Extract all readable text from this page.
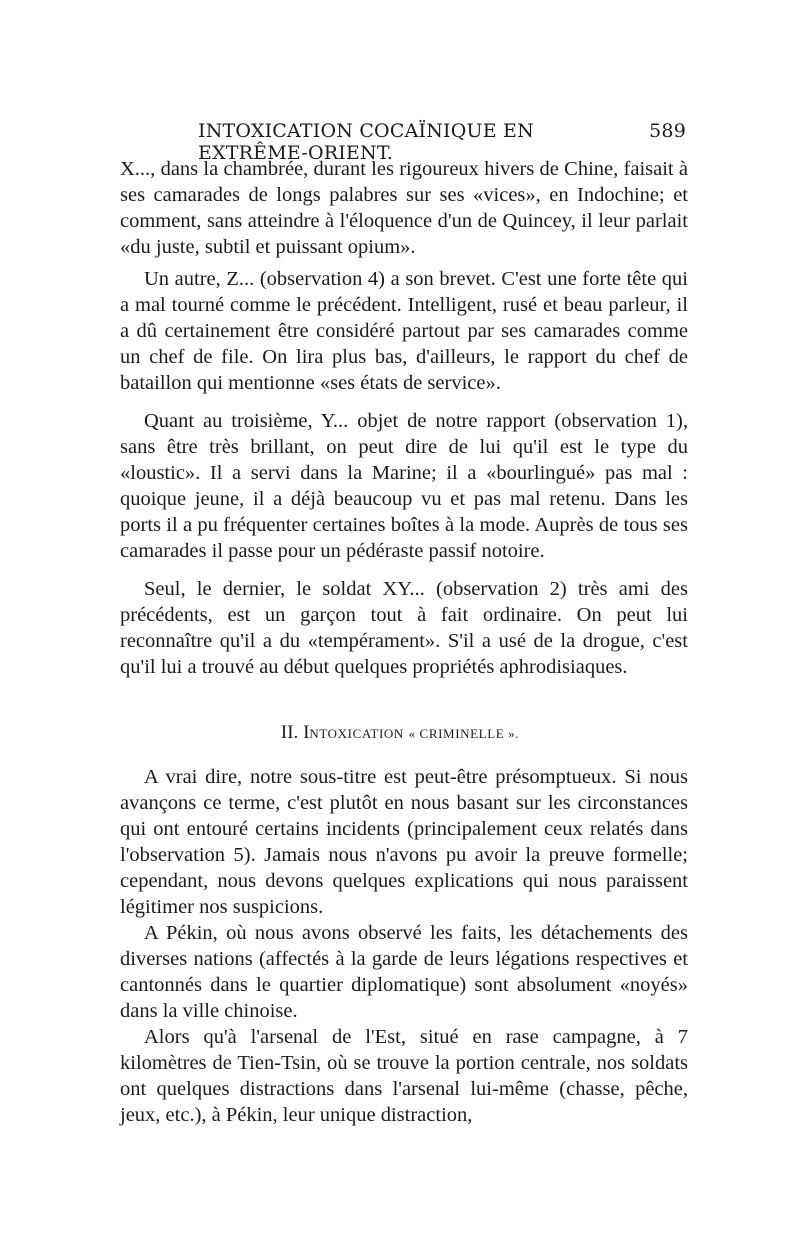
INTOXICATION COCAÏNIQUE EN EXTRÊME-ORIENT.
589

X..., dans la chambrée, durant les rigoureux hivers de Chine, faisait à ses camarades de longs palabres sur ses «vices», en Indochine; et comment, sans atteindre à l'éloquence d'un de Quincey, il leur parlait «du juste, subtil et puissant opium».

Un autre, Z... (observation 4) a son brevet. C'est une forte tête qui a mal tourné comme le précédent. Intelligent, rusé et beau parleur, il a dû certainement être considéré partout par ses camarades comme un chef de file. On lira plus bas, d'ailleurs, le rapport du chef de bataillon qui mentionne «ses états de service».

Quant au troisième, Y... objet de notre rapport (observation 1), sans être très brillant, on peut dire de lui qu'il est le type du «loustic». Il a servi dans la Marine; il a «bourlingué» pas mal : quoique jeune, il a déjà beaucoup vu et pas mal retenu. Dans les ports il a pu fréquenter certaines boîtes à la mode. Auprès de tous ses camarades il passe pour un pédéraste passif notoire.

Seul, le dernier, le soldat XY... (observation 2) très ami des précédents, est un garçon tout à fait ordinaire. On peut lui reconnaître qu'il a du «tempérament». S'il a usé de la drogue, c'est qu'il lui a trouvé au début quelques propriétés aphrodisiaques.

II. INTOXICATION « CRIMINELLE ».

A vrai dire, notre sous-titre est peut-être présomptueux. Si nous avançons ce terme, c'est plutôt en nous basant sur les circonstances qui ont entouré certains incidents (principalement ceux relatés dans l'observation 5). Jamais nous n'avons pu avoir la preuve formelle; cependant, nous devons quelques explications qui nous paraissent légitimer nos suspicions.

A Pékin, où nous avons observé les faits, les détachements des diverses nations (affectés à la garde de leurs légations respectives et cantonnés dans le quartier diplomatique) sont absolument «noyés» dans la ville chinoise.

Alors qu'à l'arsenal de l'Est, situé en rase campagne, à 7 kilomètres de Tien-Tsin, où se trouve la portion centrale, nos soldats ont quelques distractions dans l'arsenal lui-même (chasse, pêche, jeux, etc.), à Pékin, leur unique distraction,
